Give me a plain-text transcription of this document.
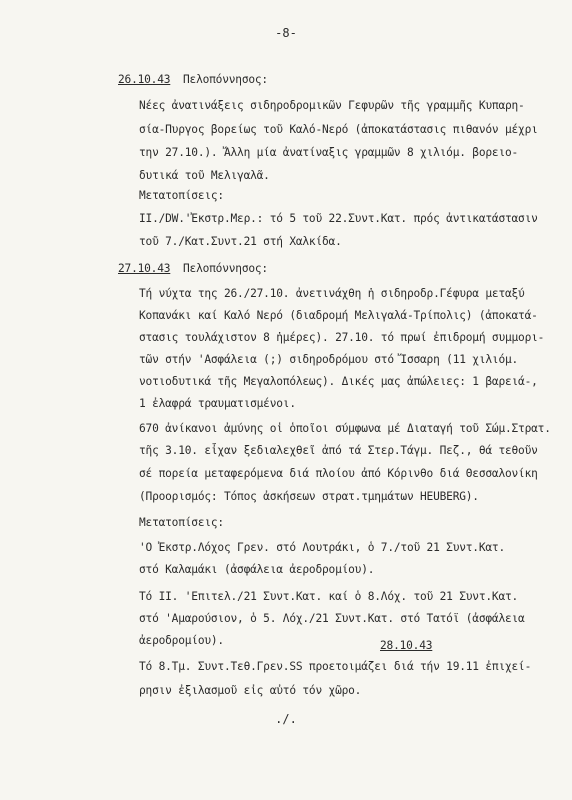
-8-
26.10.43 Πελοπόννησος:
Νέες ἀνατινάξεις σιδηροδρομικῶν Γεφυρῶν τῆς γραμμῆς Κυπαρη-
σία-Πυργος βορείως τοῦ Καλό-Νερό (ἀποκατάστασις πιθανόν μέχρι
την 27.10.). Ἄλλη μία ἀνατίναξις γραμμῶν 8 χιλιόμ. βορειο-
δυτικά τοῦ Μελιγαλᾶ.
Μετατοπίσεις:
II./DW.'Ἐκστρ.Μερ.: τό 5 τοῦ 22.Συντ.Κατ. πρός ἀντικατάστασιν
τοῦ 7./Κατ.Συντ.21 στή Χαλκίδα.
27.10.43 Πελοπόννησος:
Τή νύχτα της 26./27.10. ἀνετινάχθη ἡ σιδηροδρ.Γέφυρα μεταξύ
Κοπανάκι καί Καλό Νερό (διαδρομή Μελιγαλά-Τρίπολις) (ἀποκατά-
στασις τουλάχιστον 8 ἡμέρες). 27.10. τό πρωί ἐπιδρομή συμμορι-
τῶν στήν 'Ασφάλεια (;) σιδηροδρόμου στό Ἴσσαρη (11 χιλιόμ.
νοτιοδυτικά τῆς Μεγαλοπόλεως). Δικές μας ἀπώλειες: 1 βαρειά-,
1 ἐλαφρά τραυματισμένοι.
670 ἀνίκανοι ἀμύνης οἱ ὁποῖοι σύμφωνα μέ Διαταγή τοῦ Σώμ.Στρατ.
τῆς 3.10. εἶχαν ξεδιαλεχθεῖ ἀπό τά Στερ.Τάγμ. Πεζ., θά τεθοῦν
σέ πορεία μεταφερόμενα διά πλοίου ἀπό Κόρινθο διά Θεσσαλονίκη
(Προορισμός: Τόπος ἀσκήσεων στρατ.τμημάτων HEUBERG).
Μετατοπίσεις:
'Ο Ἐκστρ.Λόχος Γρεν. στό Λουτράκι, ὁ 7./τοῦ 21 Συντ.Κατ.
στό Καλαμάκι (ἀσφάλεια ἀεροδρομίου).
Τό II. 'Επιτελ./21 Συντ.Κατ. καί ὁ 8.Λόχ. τοῦ 21 Συντ.Κατ.
στό 'Αμαρούσιον, ὁ 5. Λόχ./21 Συντ.Κατ. στό Τατόϊ (ἀσφάλεια
ἀεροδρομίου).	28.10.43
Τό 8.Τμ. Συντ.Τεθ.Γρεν.SS προετοιμάζει διά τήν 19.11 ἐπιχεί-
ρησιν ἐξιλασμοῦ εἰς αὐτό τόν χῶρο.
./.
